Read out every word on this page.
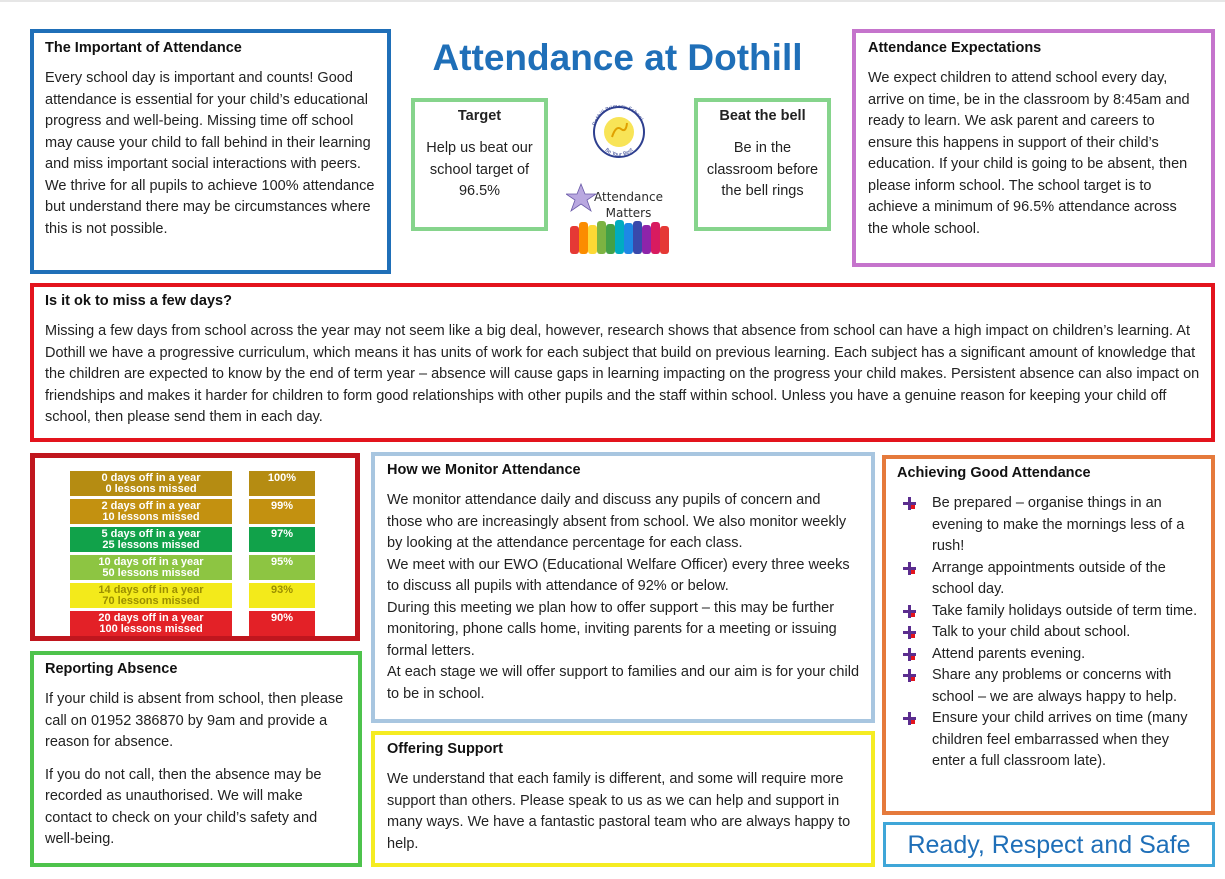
Attendance at Dothill
The Important of Attendance
Every school day is important and counts! Good attendance is essential for your child’s educational progress and well-being. Missing time off school may cause your child to fall behind in their learning and miss important social interactions with peers. We thrive for all pupils to achieve 100% attendance but understand there may be circumstances where this is not possible.
Target
Help us beat our school target of 96.5%
Beat the bell
Be in the classroom before the bell rings
Dothill Primary School
Be Your Best
Attendance
Matters
Attendance Expectations
We expect children to attend school every day, arrive on time, be in the classroom by 8:45am and ready to learn. We ask parent and careers to ensure this happens in support of their child’s education. If your child is going to be absent, then please inform school. The school target is to achieve a minimum of 96.5% attendance across the whole school.
Is it ok to miss a few days?
Missing a few days from school across the year may not seem like a big deal, however, research shows that absence from school can have a high impact on children’s learning. At Dothill we have a progressive curriculum, which means it has units of work for each subject that build on previous learning. Each subject has a significant amount of knowledge that the children are expected to know by the end of term year – absence will cause gaps in learning impacting on the progress your child makes. Persistent absence can also impact on friendships and makes it harder for children to form good relationships with other pupils and the staff within school. Unless you have a genuine reason for keeping your child off school, then please send them in each day.
0 days off in a year
0 lessons missed		100%

2 days off in a year
10 lessons missed		99%

5 days off in a year
25 lessons missed		97%

10 days off in a year
50 lessons missed		95%

14 days off in a year
70 lessons missed		93%

20 days off in a year
100 lessons missed		90%
How we Monitor Attendance

We monitor attendance daily and discuss any pupils of concern and those who are increasingly absent from school. We also monitor weekly by looking at the attendance percentage for each class.

We meet with our EWO (Educational Welfare Officer) every three weeks to discuss all pupils with attendance of 92% or below.

During this meeting we plan how to offer support – this may be further monitoring, phone calls home, inviting parents for a meeting or issuing formal letters.

At each stage we will offer support to families and our aim is for your child to be in school.

Achieving Good Attendance
Be prepared – organise things in an evening to make the mornings less of a rush!
Arrange appointments outside of the school day.
Take family holidays outside of term time.
Talk to your child about school.
Attend parents evening.
Share any problems or concerns with school – we are always happy to help.
Ensure your child arrives on time (many children feel embarrassed when they enter a full classroom late).
Reporting Absence

If your child is absent from school, then please call on 01952 386870 by 9am and provide a reason for absence.

If you do not call, then the absence may be recorded as unauthorised. We will make contact to check on your child’s safety and well-being.

Offering Support
We understand that each family is different, and some will require more support than others. Please speak to us as we can help and support in many ways. We have a fantastic pastoral team who are always happy to help.	Ready, Respect and Safe
